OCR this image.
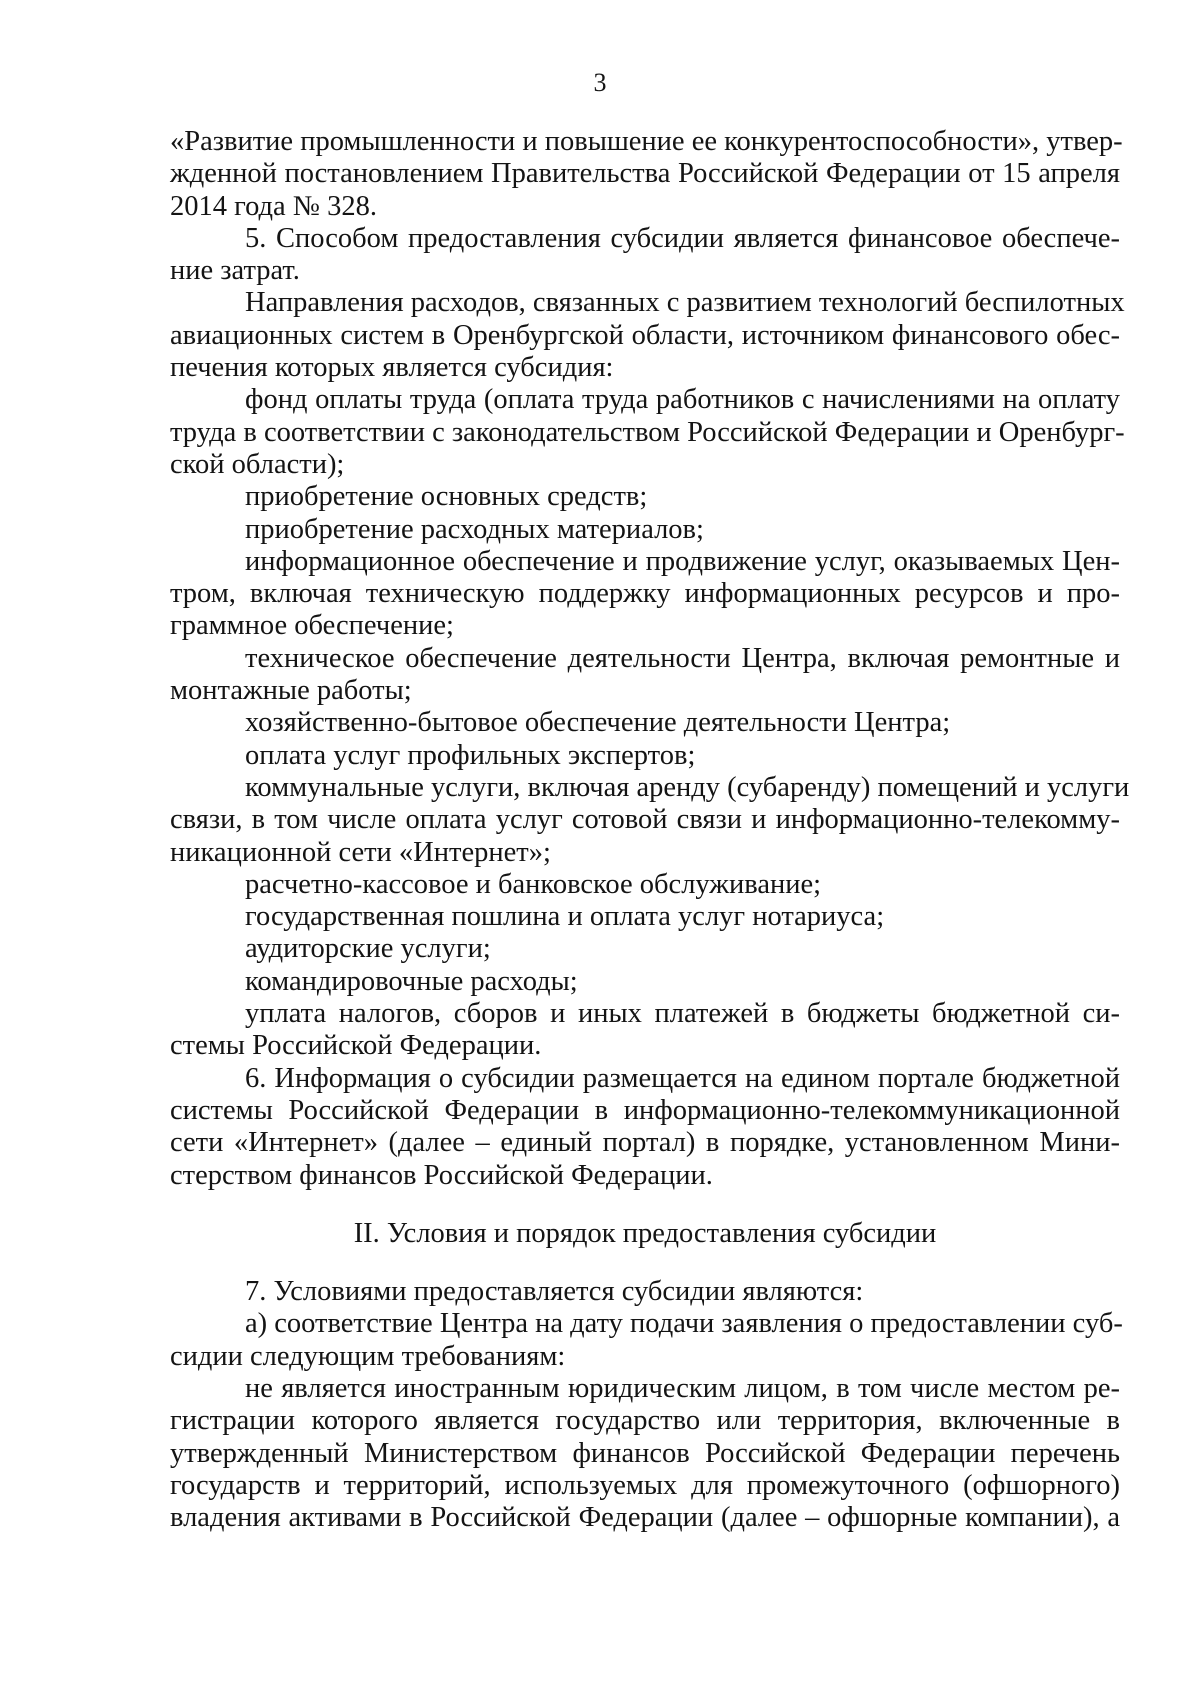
3
«Развитие промышленности и повышение ее конкурентоспособности», утвер-
жденной постановлением Правительства Российской Федерации от 15 апреля
2014 года № 328.
5. Способом предоставления субсидии является финансовое обеспече-
ние затрат.
Направления расходов, связанных с развитием технологий беспилотных
авиационных систем в Оренбургской области, источником финансового обес-
печения которых является субсидия:
фонд оплаты труда (оплата труда работников с начислениями на оплату
труда в соответствии с законодательством Российской Федерации и Оренбург-
ской области);
приобретение основных средств;
приобретение расходных материалов;
информационное обеспечение и продвижение услуг, оказываемых Цен-
тром, включая техническую поддержку информационных ресурсов и про-
граммное обеспечение;
техническое обеспечение деятельности Центра, включая ремонтные и
монтажные работы;
хозяйственно-бытовое обеспечение деятельности Центра;
оплата услуг профильных экспертов;
коммунальные услуги, включая аренду (субаренду) помещений и услуги
связи, в том числе оплата услуг сотовой связи и информационно-телекомму-
никационной сети «Интернет»;
расчетно-кассовое и банковское обслуживание;
государственная пошлина и оплата услуг нотариуса;
аудиторские услуги;
командировочные расходы;
уплата налогов, сборов и иных платежей в бюджеты бюджетной си-
стемы Российской Федерации.
6. Информация о субсидии размещается на едином портале бюджетной
системы Российской Федерации в информационно-телекоммуникационной
сети «Интернет» (далее – единый портал) в порядке, установленном Мини-
стерством финансов Российской Федерации.
II. Условия и порядок предоставления субсидии
7. Условиями предоставляется субсидии являются:
а) соответствие Центра на дату подачи заявления о предоставлении суб-
сидии следующим требованиям:
не является иностранным юридическим лицом, в том числе местом ре-
гистрации которого является государство или территория, включенные в
утвержденный Министерством финансов Российской Федерации перечень
государств и территорий, используемых для промежуточного (офшорного)
владения активами в Российской Федерации (далее – офшорные компании), а
